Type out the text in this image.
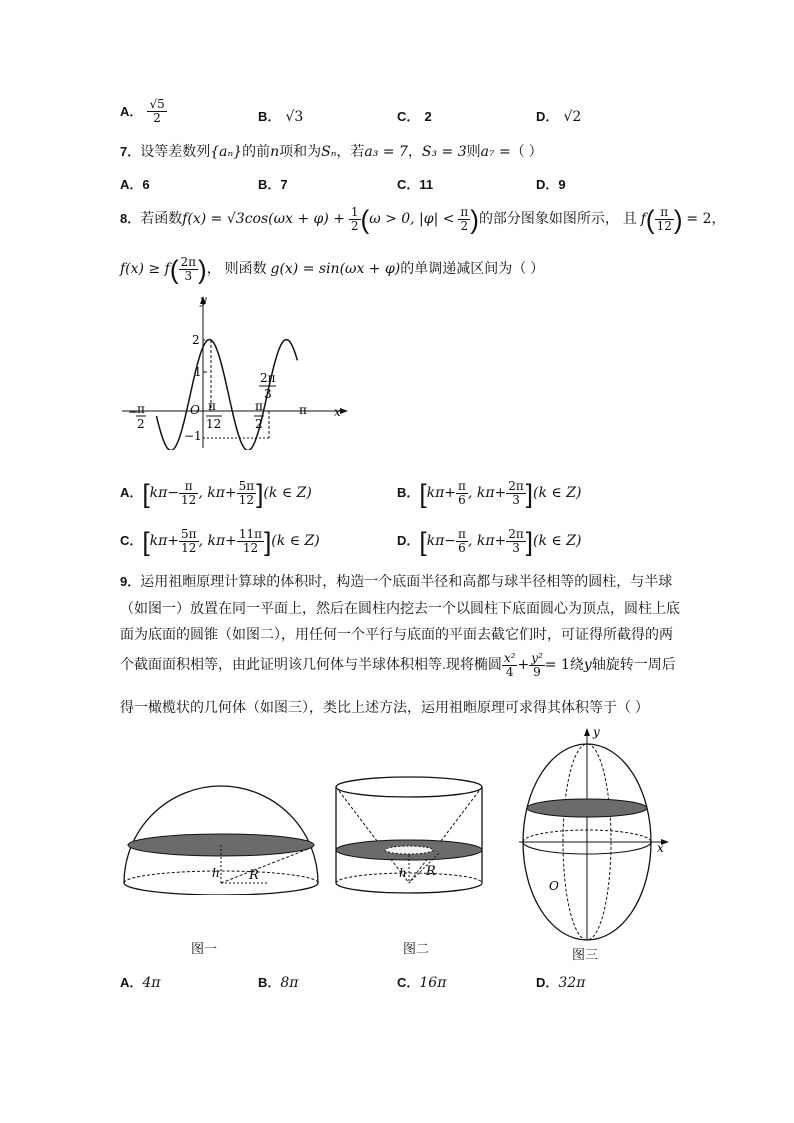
A． $\frac{√5}{2}$	B． √3	C． 2	D． √2
7．设等差数列{aₙ}的前n项和为Sₙ，若a₃ = 7，S₃ = 3则a₇ =（ ）
A．6	B．7	C．11	D．9
8．若函数$f(x) = √3\cos(\omega x + \varphi) + \frac{1}{2} (\omega > 0$, $|\varphi| < \frac{\pi}{2}$ )的部分图象如图所示， 且 $f( \frac{\pi}{12}$ ) = 2，
$f(x) \ge f( \frac{2\pi}{3}$ )， 则函数 g(x) = sin(ωx + φ)的单调递减区间为（ ）
y
x
O
2
1
−1
−
π
2
π
12
π
2
2π
3
π
A．[$k\pi- \frac{\pi}{12}$ , $k\pi+ \frac{5\pi}{12} ](k$ ∈ Z)	B．[$k\pi+ \frac{\pi}{6}$ , $k\pi+ \frac{2\pi}{3} ](k$ ∈ Z)
C．[$k\pi+ \frac{5\pi}{12}$ , $k\pi+ \frac{11\pi}{12} ](k$ ∈ Z)	D．[$k\pi- \frac{\pi}{6}$ , $k\pi+ \frac{2\pi}{3} ](k$ ∈ Z)
9．运用祖暅原理计算球的体积时，构造一个底面半径和高都与球半径相等的圆柱，与半球
（如图一）放置在同一平面上，然后在圆柱内挖去一个以圆柱下底面圆心为顶点，圆柱上底
面为底面的圆锥（如图二），用任何一个平行与底面的平面去截它们时，可证得所截得的两
个截面面积相等，由此证明该几何体与半球体积相等.现将椭圆 $\frac{\text{x²}}{4} + \frac{\text{y²}}{9} = 1$绕y轴旋转一周后
得一橄榄状的几何体（如图三），类比上述方法，运用祖暅原理可求得其体积等于（ ）
h R
图一
h R
图二
y
x
O
图三
A．4π	B．8π	C．16π	D．32π
